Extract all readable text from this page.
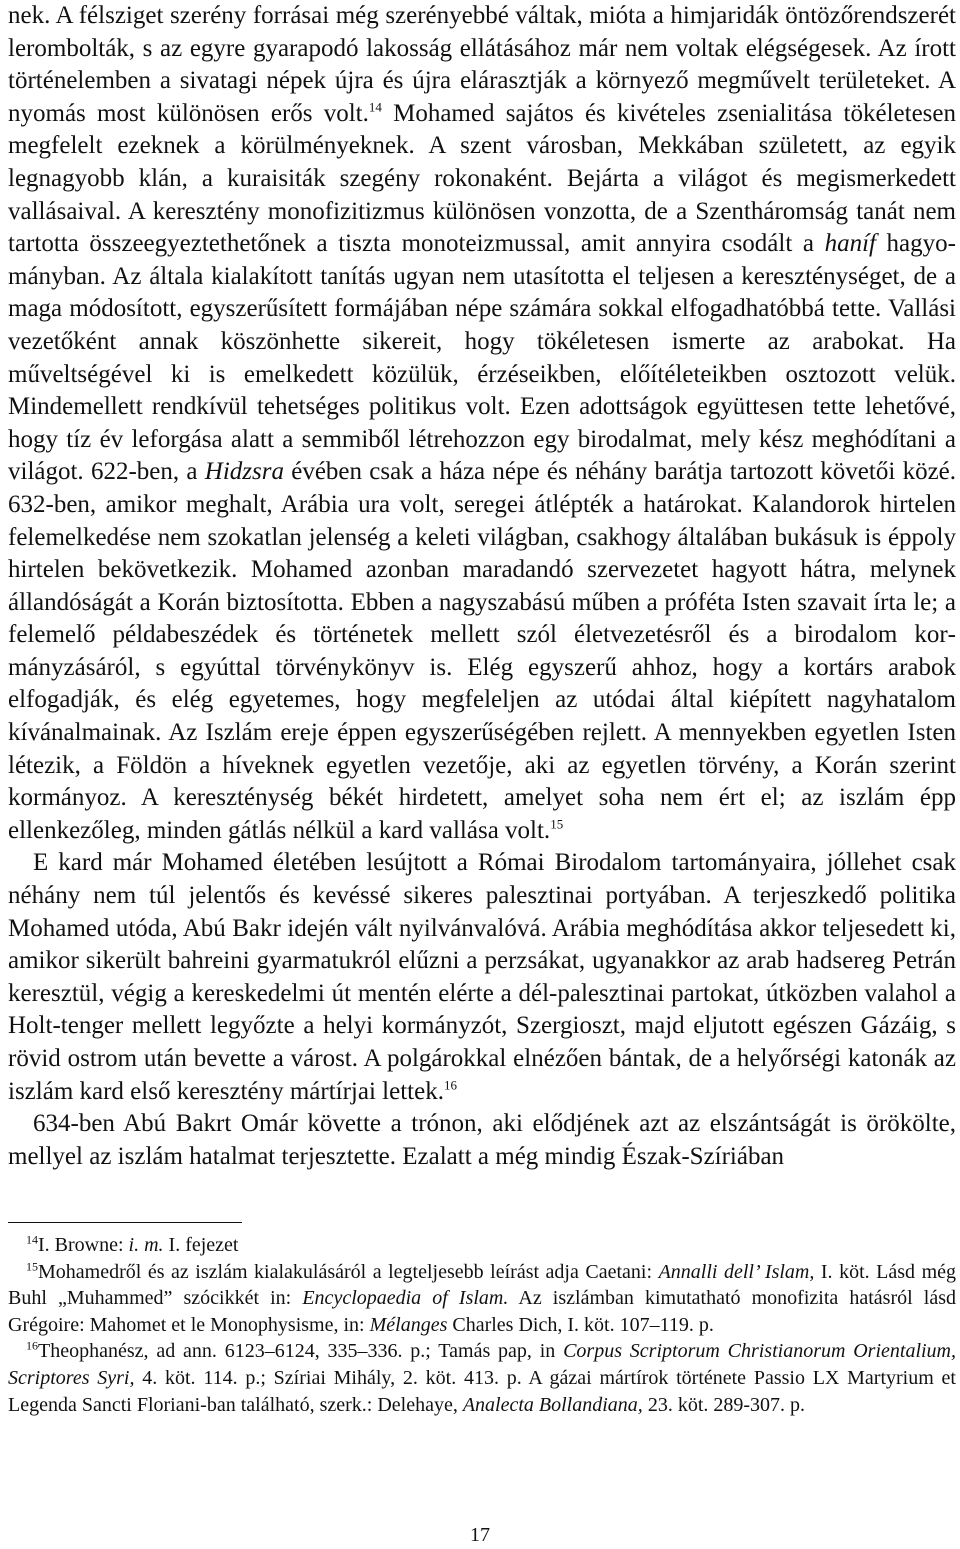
nek. A félsziget szerény forrásai még szerényebbé váltak, mióta a himjaridák öntözőrendszerét lerombolták, s az egyre gyarapodó lakosság ellátásához már nem voltak elégségesek. Az írott történelemben a sivatagi népek újra és újra elárasztják a környező megművelt területeket. A nyomás most különösen erős volt.$^{14}$ Mohamed sajátos és kivételes zsenialitása tökéletesen megfelelt ezeknek a körülményeknek. A szent városban, Mekkában született, az egyik legnagyobb klán, a kuraisiták szegény rokonaként. Bejárta a világot és megismerkedett vallásaival. A keresztény monofizitizmus különösen vonzotta, de a Szentháromság tanát nem tartotta összeegyeztethetőnek a tiszta monoteizmussal, amit annyira csodált a haníf hagyományban. Az általa kialakított tanítás ugyan nem utasította el teljesen a kereszténységet, de a maga módosított, egyszerűsített formájában népe számára sokkal elfogadhatóbbá tette. Vallási vezetőként annak köszönhette sikereit, hogy tökéletesen ismerte az arabokat. Ha műveltségével ki is emelkedett közülük, érzéseikben, előítéleteikben osztozott velük. Mindemellett rendkívül tehetséges politikus volt. Ezen adottságok együttesen tette lehetővé, hogy tíz év leforgása alatt a semmiből létrehozzon egy birodalmat, mely kész meghódítani a világot. 622-ben, a Hidzsra évében csak a háza népe és néhány barátja tartozott követői közé. 632-ben, amikor meghalt, Arábia ura volt, seregei átlépték a határokat. Kalandorok hirtelen felemelkedése nem szokatlan jelenség a keleti világban, csakhogy általában bukásuk is éppoly hirtelen bekövetkezik. Mohamed azonban maradandó szervezetet hagyott hátra, melynek állandóságát a Korán biztosította. Ebben a nagyszabású műben a próféta Isten szavait írta le; a felemelő példabeszédek és történetek mellett szól életvezetésről és a birodalom kormányzásáról, s egyúttal törvénykönyv is. Elég egyszerű ahhoz, hogy a kortárs arabok elfogadják, és elég egyetemes, hogy megfeleljen az utódai által kiépített nagyhatalom kívánalmainak. Az Iszlám ereje éppen egyszerűségében rejlett. A mennyekben egyetlen Isten létezik, a Földön a híveknek egyetlen vezetője, aki az egyetlen törvény, a Korán szerint kormányoz. A kereszténység békét hirdetett, amelyet soha nem ért el; az iszlám épp ellenkezőleg, minden gátlás nélkül a kard vallása volt.$^{15}$

E kard már Mohamed életében lesújtott a Római Birodalom tartományaira, jóllehet csak néhány nem túl jelentős és kevéssé sikeres palesztinai portyában. A terjeszkedő politika Mohamed utóda, Abú Bakr idején vált nyilvánvalóvá. Arábia meghódítása akkor teljesedett ki, amikor sikerült bahreini gyarmatukról elűzni a perzsákat, ugyanakkor az arab hadsereg Petrán keresztül, végig a kereskedelmi út mentén elérte a dél-palesztinai partokat, útközben valahol a Holt-tenger mellett legyőzte a helyi kormányzót, Szergioszt, majd eljutott egészen Gázáig, s rövid ostrom után bevette a várost. A polgárokkal elnézően bántak, de a helyőrségi katonák az iszlám kard első keresztény mártírjai lettek.$^{16}$

634-ben Abú Bakrt Omár követte a trónon, aki elődjének azt az elszántságát is örökölte, mellyel az iszlám hatalmat terjesztette. Ezalatt a még mindig Észak-Szíriában

$^{14}$I. Browne: i. m. I. fejezet

$^{15}$Mohamedről és az iszlám kialakulásáról a legteljesebb leírást adja Caetani: Annalli dell’ Islam, I. köt. Lásd még Buhl „Muhammed” szócikkét in: Encyclopaedia of Islam. Az iszlámban kimutatható monofizita hatásról lásd Grégoire: Mahomet et le Monophysisme, in: Mélanges Charles Dich, I. köt. 107–119. p.

$^{16}$Theophanész, ad ann. 6123–6124, 335–336. p.; Tamás pap, in Corpus Scriptorum Christianorum Orientalium, Scriptores Syri, 4. köt. 114. p.; Szíriai Mihály, 2. köt. 413. p. A gázai mártírok története Passio LX Martyrium et Legenda Sancti Floriani-ban található, szerk.: Delehaye, Analecta Bollandiana, 23. köt. 289-307. p.

17
